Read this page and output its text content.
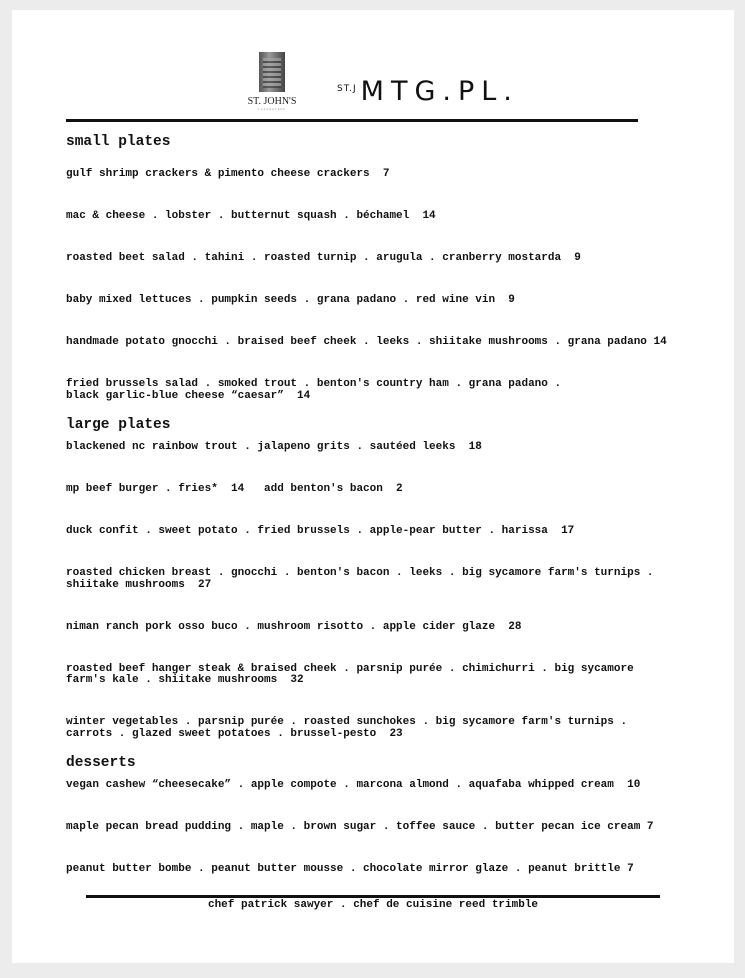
ST. JOHN'S
restaurant
$^{ST.J}$ MTG.PL.
small plates
gulf shrimp crackers & pimento cheese crackers  7
mac & cheese . lobster . butternut squash . béchamel  14
roasted beet salad . tahini . roasted turnip . arugula . cranberry mostarda  9
baby mixed lettuces . pumpkin seeds . grana padano . red wine vin  9
handmade potato gnocchi . braised beef cheek . leeks . shiitake mushrooms . grana padano 14
fried brussels salad . smoked trout . benton's country ham . grana padano .
black garlic-blue cheese “caesar”  14
large plates
blackened nc rainbow trout . jalapeno grits . sautéed leeks  18
mp beef burger . fries*  14   add benton's bacon  2
duck confit . sweet potato . fried brussels . apple-pear butter . harissa  17
roasted chicken breast . gnocchi . benton's bacon . leeks . big sycamore farm's turnips .
shiitake mushrooms  27
niman ranch pork osso buco . mushroom risotto . apple cider glaze  28
roasted beef hanger steak & braised cheek . parsnip purée . chimichurri . big sycamore
farm's kale . shiitake mushrooms  32
winter vegetables . parsnip purée . roasted sunchokes . big sycamore farm's turnips .
carrots . glazed sweet potatoes . brussel-pesto  23
desserts
vegan cashew “cheesecake” . apple compote . marcona almond . aquafaba whipped cream  10
maple pecan bread pudding . maple . brown sugar . toffee sauce . butter pecan ice cream 7
peanut butter bombe . peanut butter mousse . chocolate mirror glaze . peanut brittle 7
chef patrick sawyer . chef de cuisine reed trimble
